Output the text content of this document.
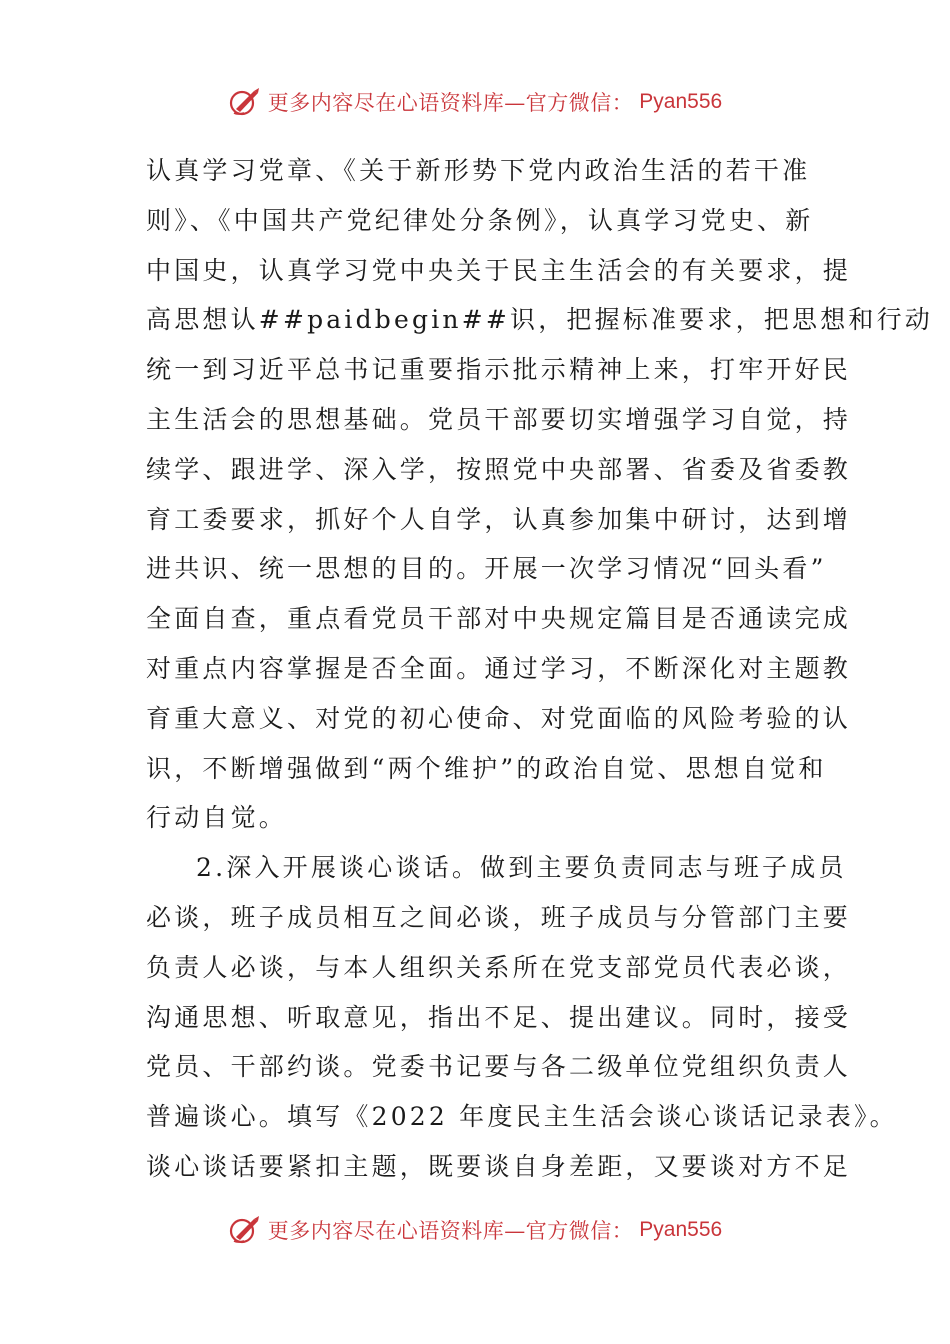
更多内容尽在心语资料库—官方微信： Pyan556
认真学习党章、《关于新形势下党内政治生活的若干准
则》、《中国共产党纪律处分条例》，认真学习党史、新
中国史，认真学习党中央关于民主生活会的有关要求，提
高思想认##paidbegin##识，把握标准要求，把思想和行动
统一到习近平总书记重要指示批示精神上来，打牢开好民
主生活会的思想基础。党员干部要切实增强学习自觉，持
续学、跟进学、深入学，按照党中央部署、省委及省委教
育工委要求，抓好个人自学，认真参加集中研讨，达到增
进共识、统一思想的目的。开展一次学习情况“回头看”
全面自查，重点看党员干部对中央规定篇目是否通读完成
对重点内容掌握是否全面。通过学习，不断深化对主题教
育重大意义、对党的初心使命、对党面临的风险考验的认
识，不断增强做到“两个维护”的政治自觉、思想自觉和
行动自觉。
2.深入开展谈心谈话。做到主要负责同志与班子成员
必谈，班子成员相互之间必谈，班子成员与分管部门主要
负责人必谈，与本人组织关系所在党支部党员代表必谈，
沟通思想、听取意见，指出不足、提出建议。同时，接受
党员、干部约谈。党委书记要与各二级单位党组织负责人
普遍谈心。填写《2022 年度民主生活会谈心谈话记录表》。
谈心谈话要紧扣主题，既要谈自身差距，又要谈对方不足
更多内容尽在心语资料库—官方微信： Pyan556
